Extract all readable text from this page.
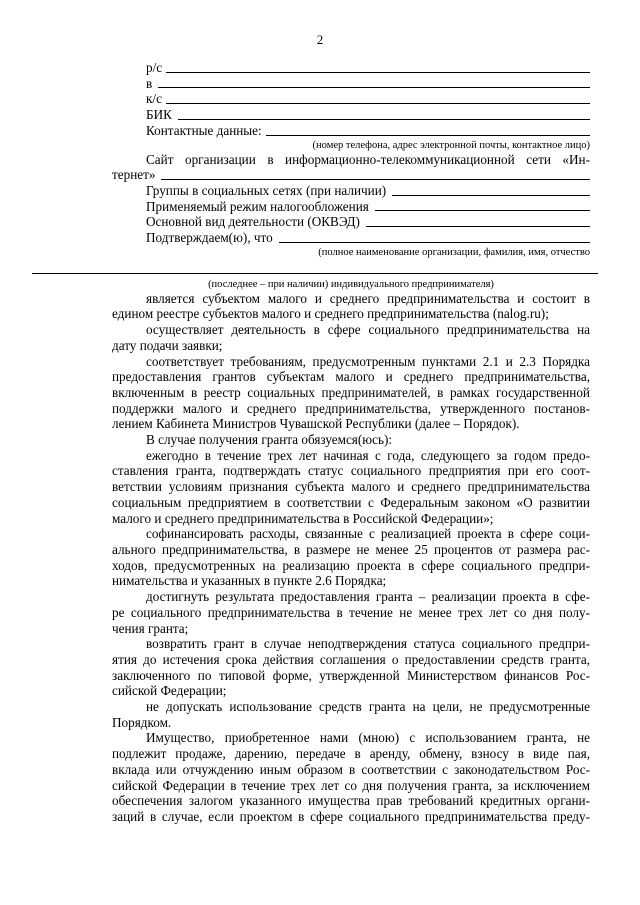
2
р/с
в
к/с
БИК
Контактные данные:
(номер телефона, адрес электронной почты, контактное лицо)
Сайт организации в информационно-телекоммуникационной сети «Ин-
тернет»
Группы в социальных сетях (при наличии)
Применяемый режим налогообложения
Основной вид деятельности (ОКВЭД)
Подтверждаем(ю), что
(полное наименование организации, фамилия, имя, отчество
(последнее – при наличии) индивидуального предпринимателя)
является субъектом малого и среднего предпринимательства и состоит в
едином реестре субъектов малого и среднего предпринимательства (nalog.ru);
осуществляет деятельность в сфере социального предпринимательства на
дату подачи заявки;
соответствует требованиям, предусмотренным пунктами 2.1 и 2.3 Порядка
предоставления грантов субъектам малого и среднего предпринимательства,
включенным в реестр социальных предпринимателей, в рамках государственной
поддержки малого и среднего предпринимательства, утвержденного постанов-
лением Кабинета Министров Чувашской Республики (далее – Порядок).
В случае получения гранта обязуемся(юсь):
ежегодно в течение трех лет начиная с года, следующего за годом предо-
ставления гранта, подтверждать статус социального предприятия при его соот-
ветствии условиям признания субъекта малого и среднего предпринимательства
социальным предприятием в соответствии с Федеральным законом «О развитии
малого и среднего предпринимательства в Российской Федерации»;
софинансировать расходы, связанные с реализацией проекта в сфере соци-
ального предпринимательства, в размере не менее 25 процентов от размера рас-
ходов, предусмотренных на реализацию проекта в сфере социального предпри-
нимательства и указанных в пункте 2.6 Порядка;
достигнуть результата предоставления гранта – реализации проекта в сфе-
ре социального предпринимательства в течение не менее трех лет со дня полу-
чения гранта;
возвратить грант в случае неподтверждения статуса социального предпри-
ятия до истечения срока действия соглашения о предоставлении средств гранта,
заключенного по типовой форме, утвержденной Министерством финансов Рос-
сийской Федерации;
не допускать использование средств гранта на цели, не предусмотренные
Порядком.
Имущество, приобретенное нами (мною) с использованием гранта, не
подлежит продаже, дарению, передаче в аренду, обмену, взносу в виде пая,
вклада или отчуждению иным образом в соответствии с законодательством Рос-
сийской Федерации в течение трех лет со дня получения гранта, за исключением
обеспечения залогом указанного имущества прав требований кредитных органи-
заций в случае, если проектом в сфере социального предпринимательства преду-
